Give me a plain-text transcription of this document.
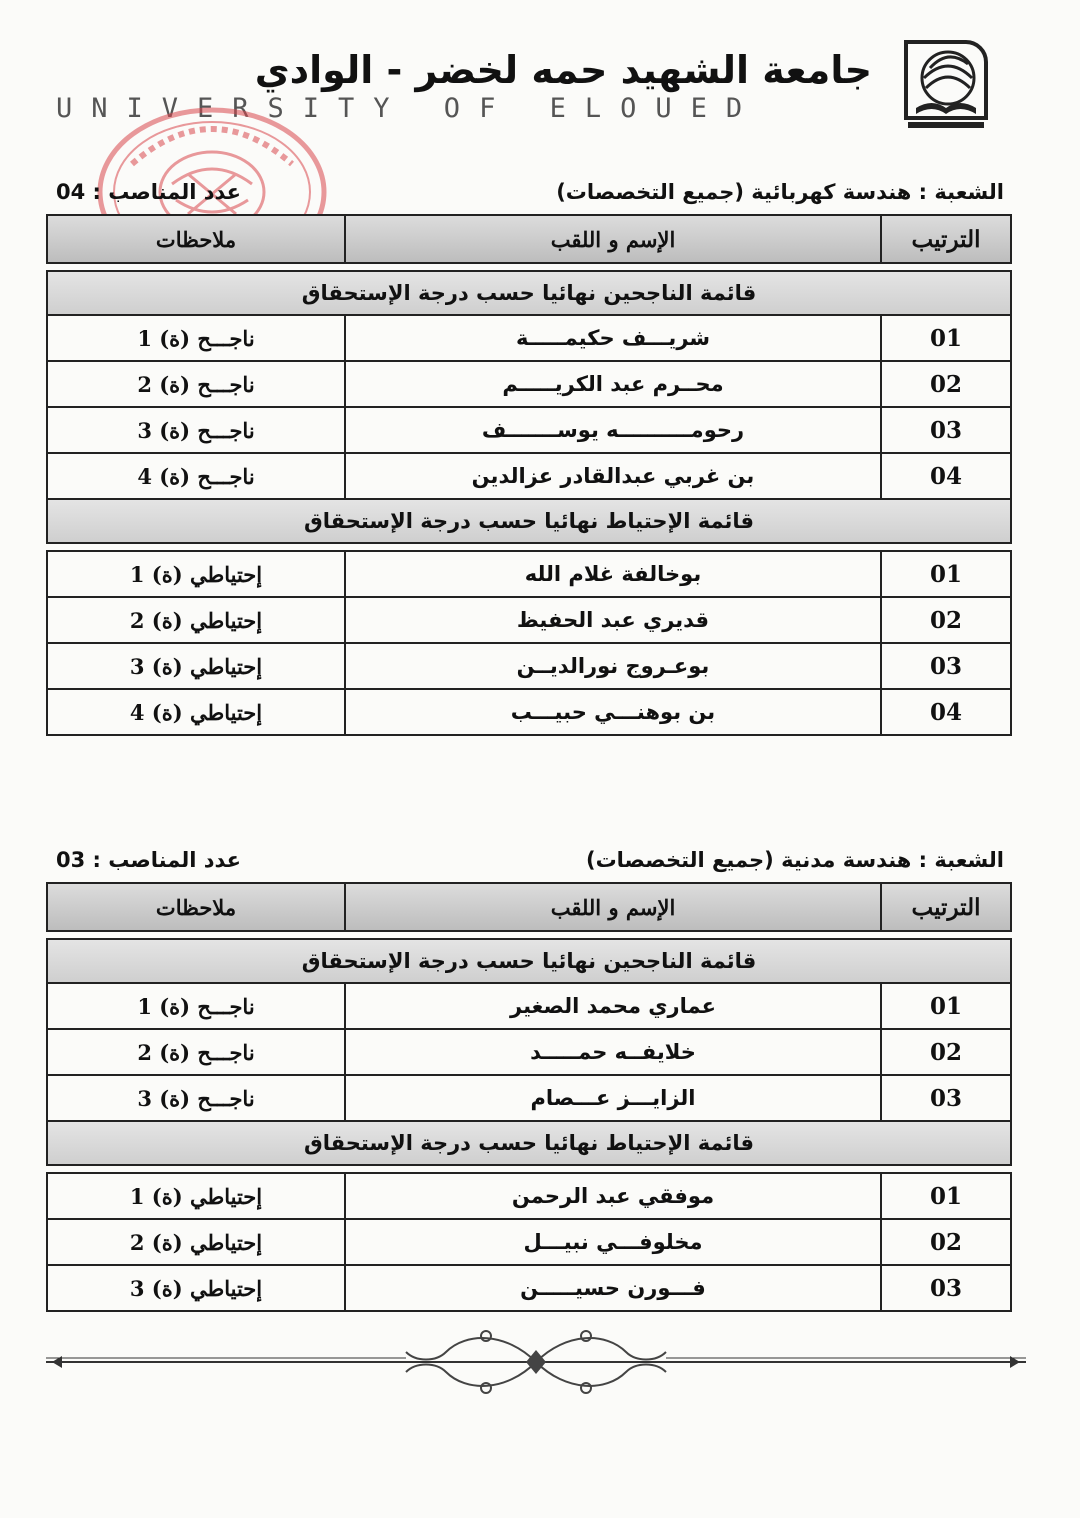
جامعة الشهيد حمه لخضر - الوادي
UNIVERSITY OF ELOUED
الشعبة : هندسة كهربائية (جميع التخصصات)
عدد المناصب : 04
الترتيب	الإسم و اللقب	ملاحظات

قائمة الناجحين نهائيا حسب درجة الإستحقاق		
01	شريـــف حكيمـــــة	ناجـــح (ة) 1
02	محــرم عبد الكريـــــم	ناجـــح (ة) 2
03	رحومــــــــــه يوســـــــف	ناجـــح (ة) 3
04	بن غربي عبدالقادر عزالدين	ناجـــح (ة) 4
قائمة الإحتياط نهائيا حسب درجة الإستحقاق		

01	بوخالفة غلام الله	إحتياطي (ة) 1
02	قديري عبد الحفيظ	إحتياطي (ة) 2
03	بوعـروج نورالديــن	إحتياطي (ة) 3
04	بن بوهنـــي حبيـــب	إحتياطي (ة) 4
الشعبة : هندسة مدنية (جميع التخصصات)
عدد المناصب : 03
الترتيب	الإسم و اللقب	ملاحظات

قائمة الناجحين نهائيا حسب درجة الإستحقاق		
01	عماري محمد الصغير	ناجـــح (ة) 1
02	خلايفــه حمـــــد	ناجـــح (ة) 2
03	الزايـــز عـــصام	ناجـــح (ة) 3
قائمة الإحتياط نهائيا حسب درجة الإستحقاق		

01	موفقي عبد الرحمن	إحتياطي (ة) 1
02	مخلوفـــي نبيـــل	إحتياطي (ة) 2
03	فـــورن حسيـــــن	إحتياطي (ة) 3
